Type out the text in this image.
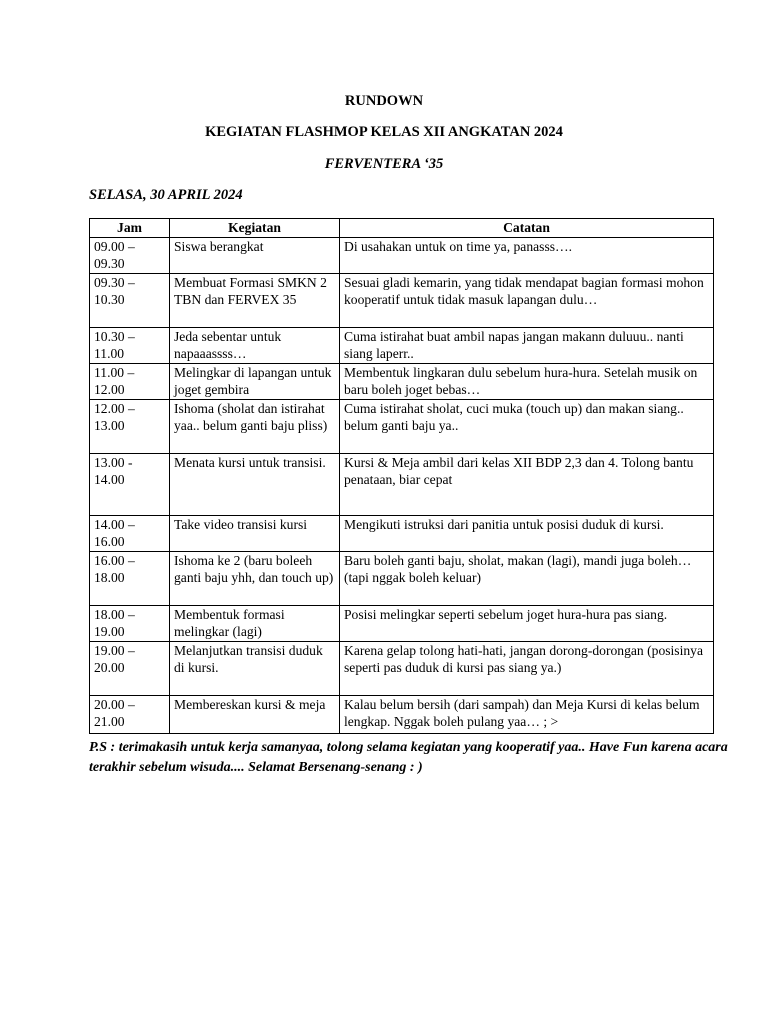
RUNDOWN

KEGIATAN FLASHMOP KELAS XII ANGKATAN 2024

FERVENTERA ‘35

SELASA, 30 APRIL 2024

Jam	Kegiatan	Catatan
09.00 – 09.30	Siswa berangkat	Di usahakan untuk on time ya, panasss….
09.30 – 10.30	Membuat Formasi SMKN 2 TBN dan FERVEX 35	Sesuai gladi kemarin, yang tidak mendapat bagian formasi mohon kooperatif untuk tidak masuk lapangan dulu…
10.30 – 11.00	Jeda sebentar untuk napaaassss…	Cuma istirahat buat ambil napas jangan makann duluuu.. nanti siang laperr..
11.00 – 12.00	Melingkar di lapangan untuk joget gembira	Membentuk lingkaran dulu sebelum hura-hura. Setelah musik on baru boleh joget bebas…
12.00 – 13.00	Ishoma (sholat dan istirahat yaa.. belum ganti baju pliss)	Cuma istirahat sholat, cuci muka (touch up) dan makan siang.. belum ganti baju ya..
13.00 - 14.00	Menata kursi untuk transisi.	Kursi & Meja ambil dari kelas XII BDP 2,3 dan 4. Tolong bantu penataan, biar cepat
14.00 – 16.00	Take video transisi kursi	Mengikuti istruksi dari panitia untuk posisi duduk di kursi.
16.00 – 18.00	Ishoma ke 2 (baru boleeh ganti baju yhh, dan touch up)	Baru boleh ganti baju, sholat, makan (lagi), mandi juga boleh… (tapi nggak boleh keluar)
18.00 – 19.00	Membentuk formasi melingkar (lagi)	Posisi melingkar seperti sebelum joget hura-hura pas siang.
19.00 – 20.00	Melanjutkan transisi duduk di kursi.	Karena gelap tolong hati-hati, jangan dorong-dorongan (posisinya seperti pas duduk di kursi pas siang ya.)
20.00 – 21.00	Membereskan kursi & meja	Kalau belum bersih (dari sampah) dan Meja Kursi di kelas belum lengkap. Nggak boleh pulang yaa… ; >

P.S : terimakasih untuk kerja samanyaa, tolong selama kegiatan yang kooperatif yaa.. Have Fun karena acara terakhir sebelum wisuda.... Selamat Bersenang-senang : )
